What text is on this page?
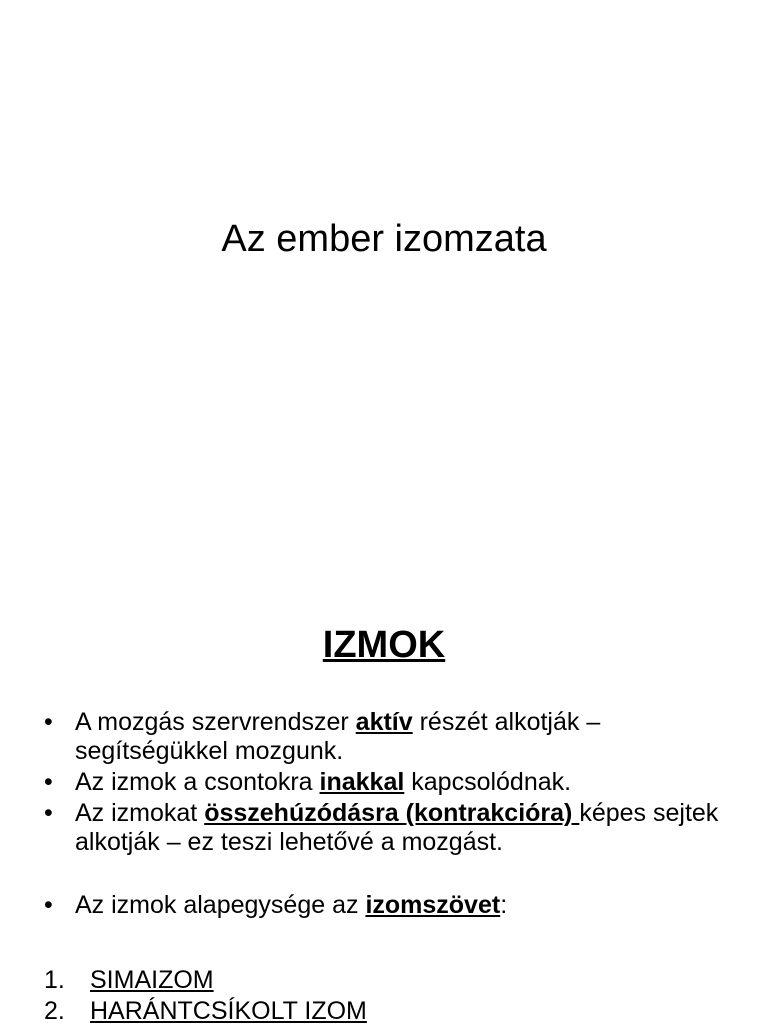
Az ember izomzata
IZMOK
• A mozgás szervrendszer aktív részét alkotják – segítségükkel mozgunk.
• Az izmok a csontokra inakkal kapcsolódnak.
• Az izmokat összehúzódásra (kontrakcióra) képes sejtek alkotják – ez teszi lehetővé a mozgást.
• Az izmok alapegysége az izomszövet:
1. SIMAIZOM
2. HARÁNTCSÍKOLT IZOM
